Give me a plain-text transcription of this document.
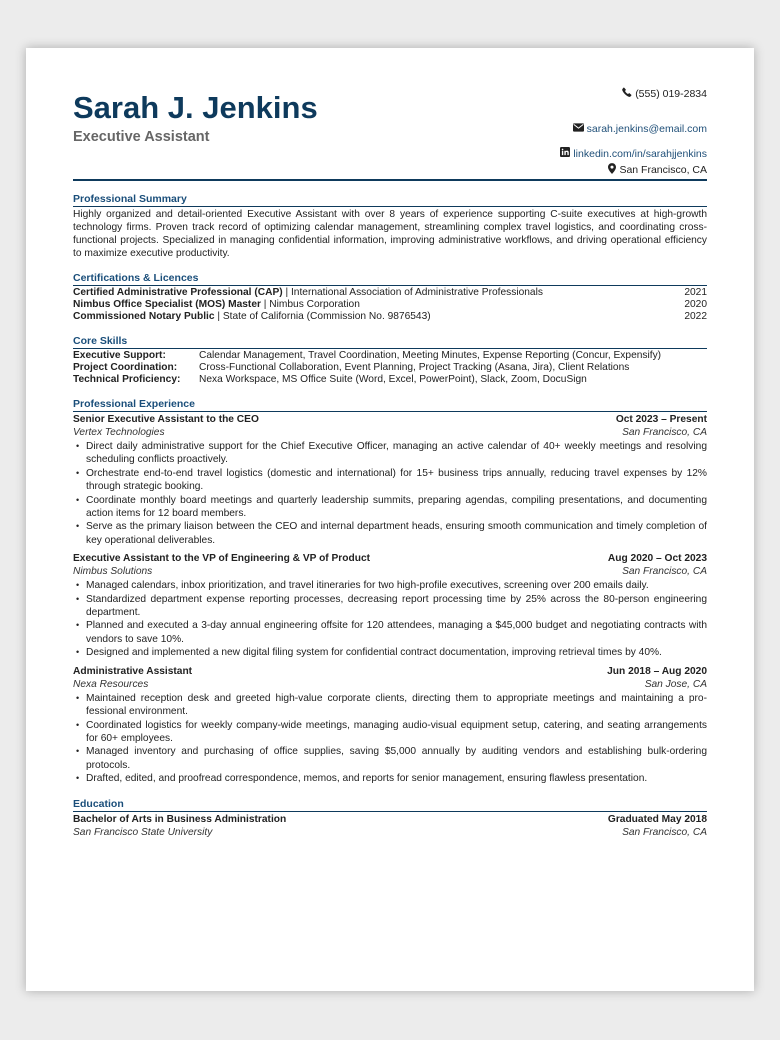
Sarah J. Jenkins
Executive Assistant
(555) 019-2834
sarah.jenkins@email.com
linkedin.com/in/sarahjjenkins
San Francisco, CA
Professional Summary

Highly organized and detail-oriented Executive Assistant with over 8 years of experience supporting C-suite executives at high-growth technology firms. Proven track record of optimizing calendar management, streamlining complex travel logistics, and coordinating cross-functional projects. Specialized in managing confidential information, improving administrative workflows, and driving operational efficiency to maximize executive productivity.

Certifications & Licences
Certified Administrative Professional (CAP) | International Association of Administrative Professionals	2021
Nimbus Office Specialist (MOS) Master | Nimbus Corporation	2020
Commissioned Notary Public | State of California (Commission No. 9876543)	2022
Core Skills
Executive Support:	Calendar Management, Travel Coordination, Meeting Minutes, Expense Reporting (Concur, Expensify)
Project Coordination:	Cross-Functional Collaboration, Event Planning, Project Tracking (Asana, Jira), Client Relations
Technical Proficiency:	Nexa Workspace, MS Office Suite (Word, Excel, PowerPoint), Slack, Zoom, DocuSign
Professional Experience
Senior Executive Assistant to the CEO	Oct 2023 – Present
Vertex Technologies	San Francisco, CA
• Direct daily administrative support for the Chief Executive Officer, managing an active calendar of 40+ weekly meetings and resolving scheduling conflicts proactively.
• Orchestrate end-to-end travel logistics (domestic and international) for 15+ business trips annually, reducing travel expenses by 12% through strategic booking.
• Coordinate monthly board meetings and quarterly leadership summits, preparing agendas, compiling presentations, and documenting action items for 12 board members.
• Serve as the primary liaison between the CEO and internal department heads, ensuring smooth communication and timely completion of key operational deliverables.
Executive Assistant to the VP of Engineering & VP of Product	Aug 2020 – Oct 2023
Nimbus Solutions	San Francisco, CA
• Managed calendars, inbox prioritization, and travel itineraries for two high-profile executives, screening over 200 emails daily.
• Standardized department expense reporting processes, decreasing report processing time by 25% across the 80-person engineering department.
• Planned and executed a 3-day annual engineering offsite for 120 attendees, managing a $45,000 budget and negotiating contracts with vendors to save 10%.
• Designed and implemented a new digital filing system for confidential contract documentation, improving retrieval times by 40%.
Administrative Assistant	Jun 2018 – Aug 2020
Nexa Resources	San Jose, CA
• Maintained reception desk and greeted high-value corporate clients, directing them to appropriate meetings and maintaining a professional environment.
• Coordinated logistics for weekly company-wide meetings, managing audio-visual equipment setup, catering, and seating arrangements for 60+ employees.
• Managed inventory and purchasing of office supplies, saving $5,000 annually by auditing vendors and establishing bulk-ordering protocols.
• Drafted, edited, and proofread correspondence, memos, and reports for senior management, ensuring flawless presentation.
Education
Bachelor of Arts in Business Administration	Graduated May 2018
San Francisco State University	San Francisco, CA
